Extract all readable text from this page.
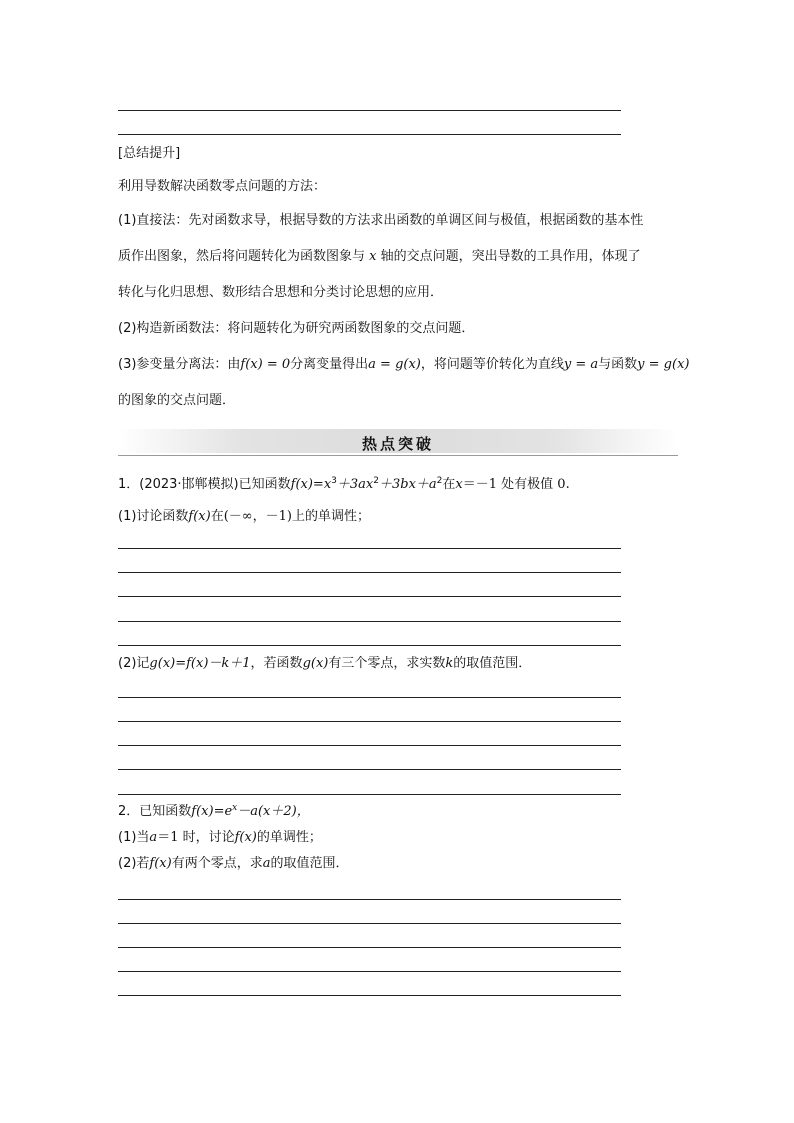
[总结提升]
利用导数解决函数零点问题的方法：
(1)直接法：先对函数求导，根据导数的方法求出函数的单调区间与极值，根据函数的基本性
质作出图象，然后将问题转化为函数图象与 x 轴的交点问题，突出导数的工具作用，体现了
转化与化归思想、数形结合思想和分类讨论思想的应用．
(2)构造新函数法：将问题转化为研究两函数图象的交点问题．
(3)参变量分离法：由f(x) = 0分离变量得出a = g(x)，将问题等价转化为直线y = a与函数y = g(x)
的图象的交点问题．
热点突破
1．(2023·邯郸模拟)已知函数$f(x)=x^3+3ax^2+3bx+a^2$在x＝－1 处有极值 0.
(1)讨论函数f(x)在(－∞，－1)上的单调性；
(2)记g(x)=f(x)－k＋1，若函数g(x)有三个零点，求实数k的取值范围．
2．已知函数$f(x)=e^x-a(x+2)$，
(1)当a＝1 时，讨论f(x)的单调性；
(2)若f(x)有两个零点，求a的取值范围．
